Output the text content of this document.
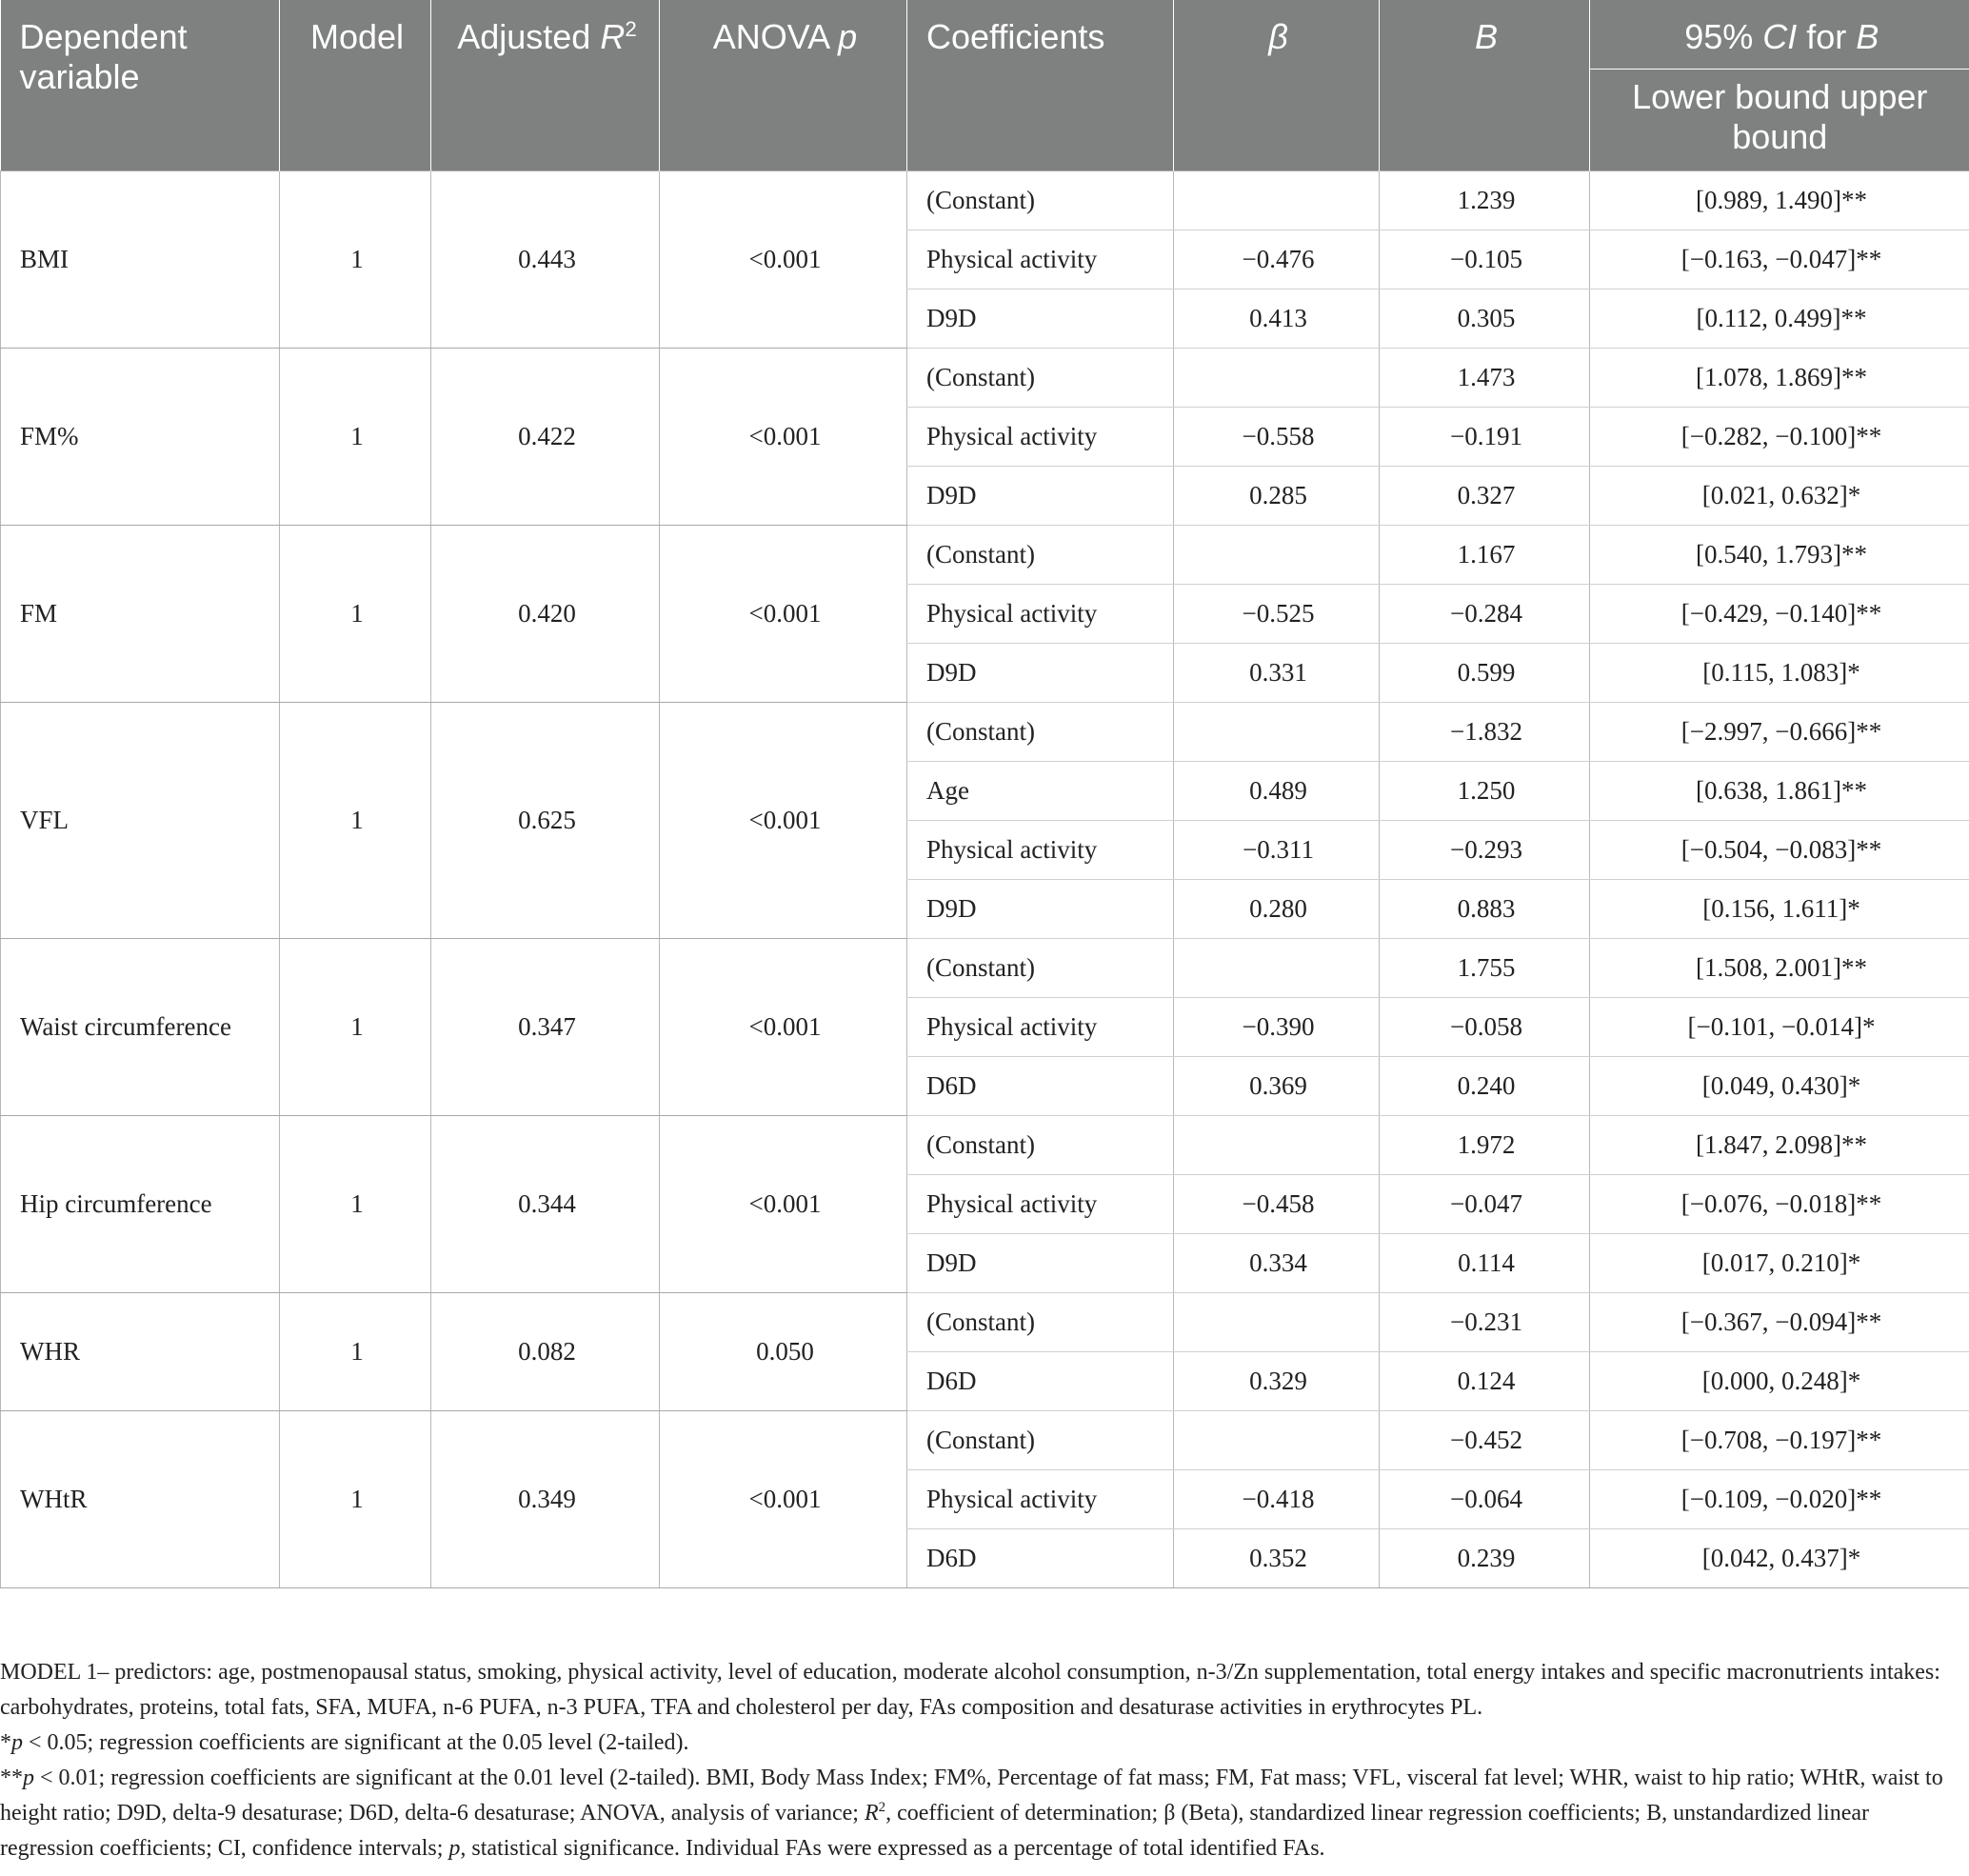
Dependent variable	Model	Adjusted $R^2$	ANOVA p	Coefficients	β	B	95% CI for B
							Lower bound upper bound
BMI	1	0.443	<0.001	(Constant)		1.239	[0.989, 1.490]**
				Physical activity	−0.476	−0.105	[−0.163, −0.047]**
				D9D	0.413	0.305	[0.112, 0.499]**
FM%	1	0.422	<0.001	(Constant)		1.473	[1.078, 1.869]**
				Physical activity	−0.558	−0.191	[−0.282, −0.100]**
				D9D	0.285	0.327	[0.021, 0.632]*
FM	1	0.420	<0.001	(Constant)		1.167	[0.540, 1.793]**
				Physical activity	−0.525	−0.284	[−0.429, −0.140]**
				D9D	0.331	0.599	[0.115, 1.083]*
VFL	1	0.625	<0.001	(Constant)		−1.832	[−2.997, −0.666]**
				Age	0.489	1.250	[0.638, 1.861]**
				Physical activity	−0.311	−0.293	[−0.504, −0.083]**
				D9D	0.280	0.883	[0.156, 1.611]*
Waist circumference	1	0.347	<0.001	(Constant)		1.755	[1.508, 2.001]**
				Physical activity	−0.390	−0.058	[−0.101, −0.014]*
				D6D	0.369	0.240	[0.049, 0.430]*
Hip circumference	1	0.344	<0.001	(Constant)		1.972	[1.847, 2.098]**
				Physical activity	−0.458	−0.047	[−0.076, −0.018]**
				D9D	0.334	0.114	[0.017, 0.210]*
WHR	1	0.082	0.050	(Constant)		−0.231	[−0.367, −0.094]**
				D6D	0.329	0.124	[0.000, 0.248]*
WHtR	1	0.349	<0.001	(Constant)		−0.452	[−0.708, −0.197]**
				Physical activity	−0.418	−0.064	[−0.109, −0.020]**
				D6D	0.352	0.239	[0.042, 0.437]*

MODEL 1– predictors: age, postmenopausal status, smoking, physical activity, level of education, moderate alcohol consumption, n-3/Zn supplementation, total energy intakes and specific macronutrients intakes: carbohydrates, proteins, total fats, SFA, MUFA, n-6 PUFA, n-3 PUFA, TFA and cholesterol per day, FAs composition and desaturase activities in erythrocytes PL.

*p < 0.05; regression coefficients are significant at the 0.05 level (2-tailed).

**p < 0.01; regression coefficients are significant at the 0.01 level (2-tailed). BMI, Body Mass Index; FM%, Percentage of fat mass; FM, Fat mass; VFL, visceral fat level; WHR, waist to hip ratio; WHtR, waist to height ratio; D9D, delta-9 desaturase; D6D, delta-6 desaturase; ANOVA, analysis of variance; $R^2$, coefficient of determination; β (Beta), standardized linear regression coefficients; B, unstandardized linear regression coefficients; CI, confidence intervals; p, statistical significance. Individual FAs were expressed as a percentage of total identified FAs.
